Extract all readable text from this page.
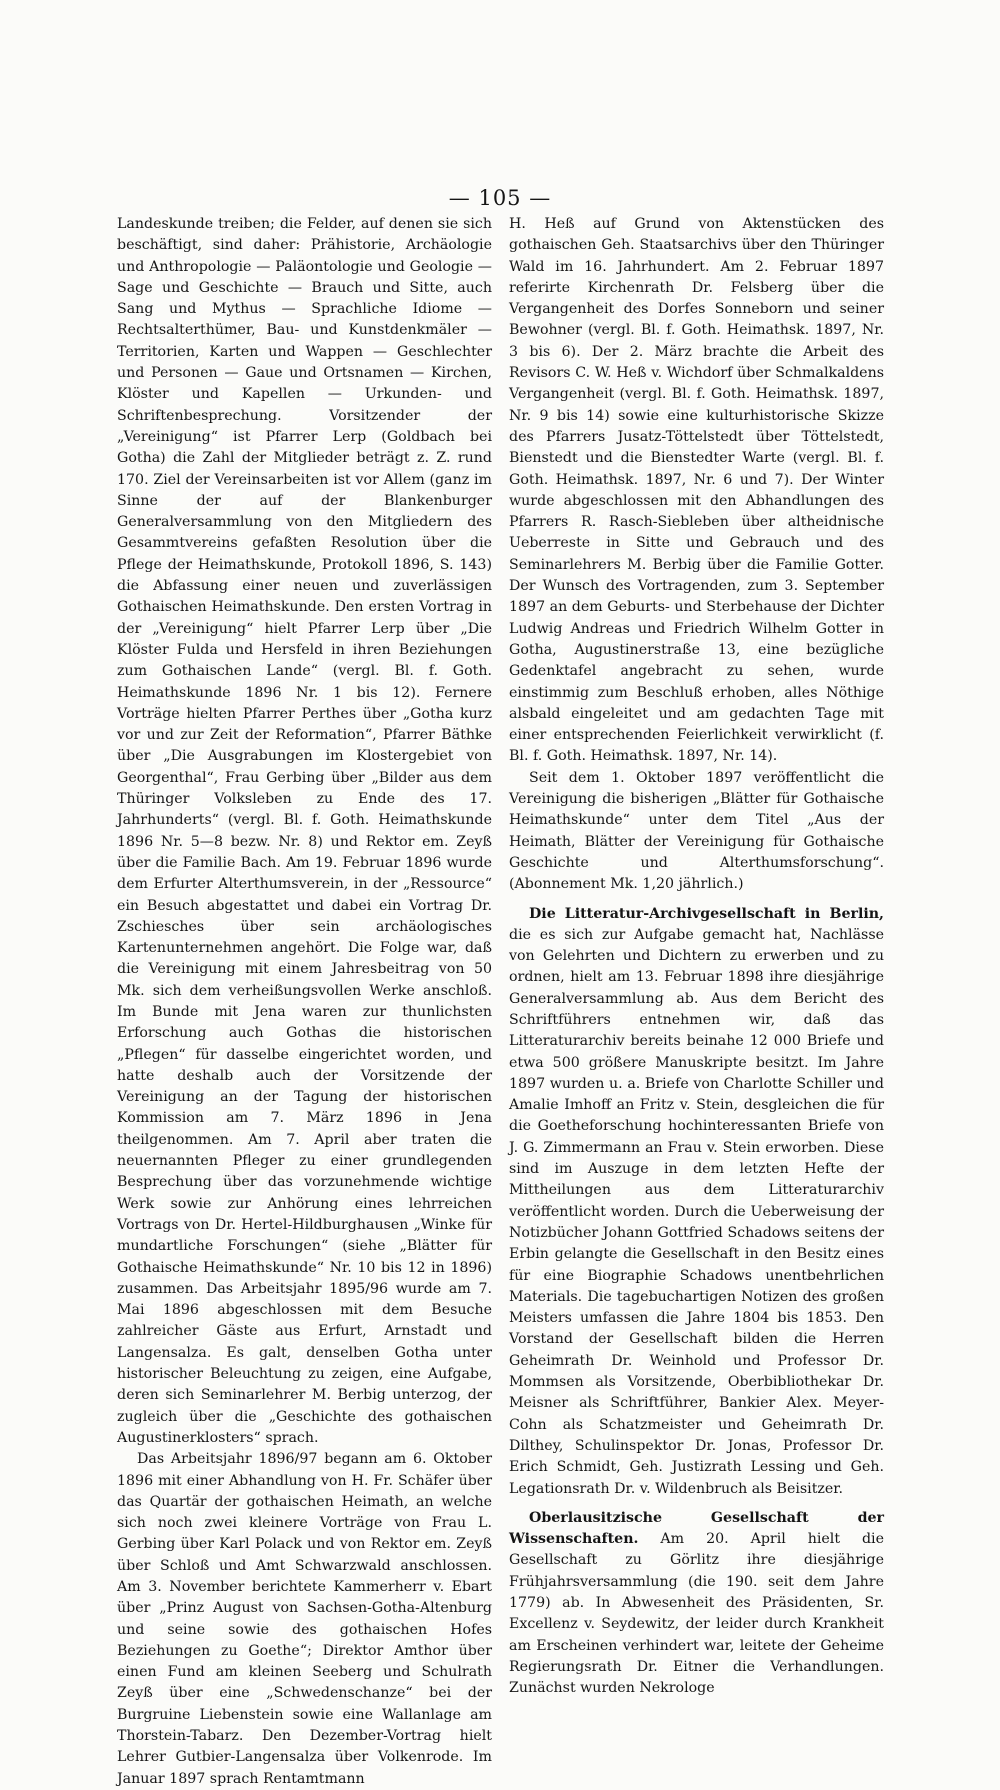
— 105 —

Landeskunde treiben; die Felder, auf denen sie sich beschäftigt, sind daher: Prähistorie, Archäologie und Anthropologie — Paläontologie und Geologie — Sage und Geschichte — Brauch und Sitte, auch Sang und Mythus — Sprachliche Idiome — Rechtsalterthümer, Bau- und Kunstdenkmäler — Territorien, Karten und Wappen — Geschlechter und Personen — Gaue und Ortsnamen — Kirchen, Klöster und Kapellen — Urkunden- und Schriftenbesprechung. Vorsitzender der „Vereinigung“ ist Pfarrer Lerp (Goldbach bei Gotha) die Zahl der Mitglieder beträgt z. Z. rund 170. Ziel der Vereinsarbeiten ist vor Allem (ganz im Sinne der auf der Blankenburger Generalversammlung von den Mitgliedern des Gesammtvereins gefaßten Resolution über die Pflege der Heimathskunde, Protokoll 1896, S. 143) die Abfassung einer neuen und zuverlässigen Gothaischen Heimathskunde. Den ersten Vortrag in der „Vereinigung“ hielt Pfarrer Lerp über „Die Klöster Fulda und Hersfeld in ihren Beziehungen zum Gothaischen Lande“ (vergl. Bl. f. Goth. Heimathskunde 1896 Nr. 1 bis 12). Fernere Vorträge hielten Pfarrer Perthes über „Gotha kurz vor und zur Zeit der Reformation“, Pfarrer Bäthke über „Die Ausgrabungen im Klostergebiet von Georgenthal“, Frau Gerbing über „Bilder aus dem Thüringer Volksleben zu Ende des 17. Jahrhunderts“ (vergl. Bl. f. Goth. Heimathskunde 1896 Nr. 5—8 bezw. Nr. 8) und Rektor em. Zeyß über die Familie Bach. Am 19. Februar 1896 wurde dem Erfurter Alterthumsverein, in der „Ressource“ ein Besuch abgestattet und dabei ein Vortrag Dr. Zschiesches über sein archäologisches Kartenunternehmen angehört. Die Folge war, daß die Vereinigung mit einem Jahresbeitrag von 50 Mk. sich dem verheißungsvollen Werke anschloß. Im Bunde mit Jena waren zur thunlichsten Erforschung auch Gothas die historischen „Pflegen“ für dasselbe eingerichtet worden, und hatte deshalb auch der Vorsitzende der Vereinigung an der Tagung der historischen Kommission am 7. März 1896 in Jena theilgenommen. Am 7. April aber traten die neuernannten Pfleger zu einer grundlegenden Besprechung über das vorzunehmende wichtige Werk sowie zur Anhörung eines lehrreichen Vortrags von Dr. Hertel-Hildburghausen „Winke für mundartliche Forschungen“ (siehe „Blätter für Gothaische Heimathskunde“ Nr. 10 bis 12 in 1896) zusammen. Das Arbeitsjahr 1895/96 wurde am 7. Mai 1896 abgeschlossen mit dem Besuche zahlreicher Gäste aus Erfurt, Arnstadt und Langensalza. Es galt, denselben Gotha unter historischer Beleuchtung zu zeigen, eine Aufgabe, deren sich Seminarlehrer M. Berbig unterzog, der zugleich über die „Geschichte des gothaischen Augustinerklosters“ sprach.

Das Arbeitsjahr 1896/97 begann am 6. Oktober 1896 mit einer Abhandlung von H. Fr. Schäfer über das Quartär der gothaischen Heimath, an welche sich noch zwei kleinere Vorträge von Frau L. Gerbing über Karl Polack und von Rektor em. Zeyß über Schloß und Amt Schwarzwald anschlossen. Am 3. November berichtete Kammerherr v. Ebart über „Prinz August von Sachsen-Gotha-Altenburg und seine sowie des gothaischen Hofes Beziehungen zu Goethe“; Direktor Amthor über einen Fund am kleinen Seeberg und Schulrath Zeyß über eine „Schwedenschanze“ bei der Burgruine Liebenstein sowie eine Wallanlage am Thorstein-Tabarz. Den Dezember-Vortrag hielt Lehrer Gutbier-Langensalza über Volkenrode. Im Januar 1897 sprach Rentamtmann

H. Heß auf Grund von Aktenstücken des gothaischen Geh. Staatsarchivs über den Thüringer Wald im 16. Jahrhundert. Am 2. Februar 1897 referirte Kirchenrath Dr. Felsberg über die Vergangenheit des Dorfes Sonneborn und seiner Bewohner (vergl. Bl. f. Goth. Heimathsk. 1897, Nr. 3 bis 6). Der 2. März brachte die Arbeit des Revisors C. W. Heß v. Wichdorf über Schmalkaldens Vergangenheit (vergl. Bl. f. Goth. Heimathsk. 1897, Nr. 9 bis 14) sowie eine kulturhistorische Skizze des Pfarrers Jusatz-Töttelstedt über Töttelstedt, Bienstedt und die Bienstedter Warte (vergl. Bl. f. Goth. Heimathsk. 1897, Nr. 6 und 7). Der Winter wurde abgeschlossen mit den Abhandlungen des Pfarrers R. Rasch-Siebleben über altheidnische Ueberreste in Sitte und Gebrauch und des Seminarlehrers M. Berbig über die Familie Gotter. Der Wunsch des Vortragenden, zum 3. September 1897 an dem Geburts- und Sterbehause der Dichter Ludwig Andreas und Friedrich Wilhelm Gotter in Gotha, Augustinerstraße 13, eine bezügliche Gedenktafel angebracht zu sehen, wurde einstimmig zum Beschluß erhoben, alles Nöthige alsbald eingeleitet und am gedachten Tage mit einer entsprechenden Feierlichkeit verwirklicht (f. Bl. f. Goth. Heimathsk. 1897, Nr. 14).

Seit dem 1. Oktober 1897 veröffentlicht die Vereinigung die bisherigen „Blätter für Gothaische Heimathskunde“ unter dem Titel „Aus der Heimath, Blätter der Vereinigung für Gothaische Geschichte und Alterthumsforschung“. (Abonnement Mk. 1,20 jährlich.)

Die Litteratur-Archivgesellschaft in Berlin, die es sich zur Aufgabe gemacht hat, Nachlässe von Gelehrten und Dichtern zu erwerben und zu ordnen, hielt am 13. Februar 1898 ihre diesjährige Generalversammlung ab. Aus dem Bericht des Schriftführers entnehmen wir, daß das Litteraturarchiv bereits beinahe 12 000 Briefe und etwa 500 größere Manuskripte besitzt. Im Jahre 1897 wurden u. a. Briefe von Charlotte Schiller und Amalie Imhoff an Fritz v. Stein, desgleichen die für die Goetheforschung hochinteressanten Briefe von J. G. Zimmermann an Frau v. Stein erworben. Diese sind im Auszuge in dem letzten Hefte der Mittheilungen aus dem Litteraturarchiv veröffentlicht worden. Durch die Ueberweisung der Notizbücher Johann Gottfried Schadows seitens der Erbin gelangte die Gesellschaft in den Besitz eines für eine Biographie Schadows unentbehrlichen Materials. Die tagebuchartigen Notizen des großen Meisters umfassen die Jahre 1804 bis 1853. Den Vorstand der Gesellschaft bilden die Herren Geheimrath Dr. Weinhold und Professor Dr. Mommsen als Vorsitzende, Oberbibliothekar Dr. Meisner als Schriftführer, Bankier Alex. Meyer-Cohn als Schatzmeister und Geheimrath Dr. Dilthey, Schulinspektor Dr. Jonas, Professor Dr. Erich Schmidt, Geh. Justizrath Lessing und Geh. Legationsrath Dr. v. Wildenbruch als Beisitzer.

Oberlausitzische Gesellschaft der Wissenschaften. Am 20. April hielt die Gesellschaft zu Görlitz ihre diesjährige Frühjahrsversammlung (die 190. seit dem Jahre 1779) ab. In Abwesenheit des Präsidenten, Sr. Excellenz v. Seydewitz, der leider durch Krankheit am Erscheinen verhindert war, leitete der Geheime Regierungsrath Dr. Eitner die Verhandlungen. Zunächst wurden Nekrologe
